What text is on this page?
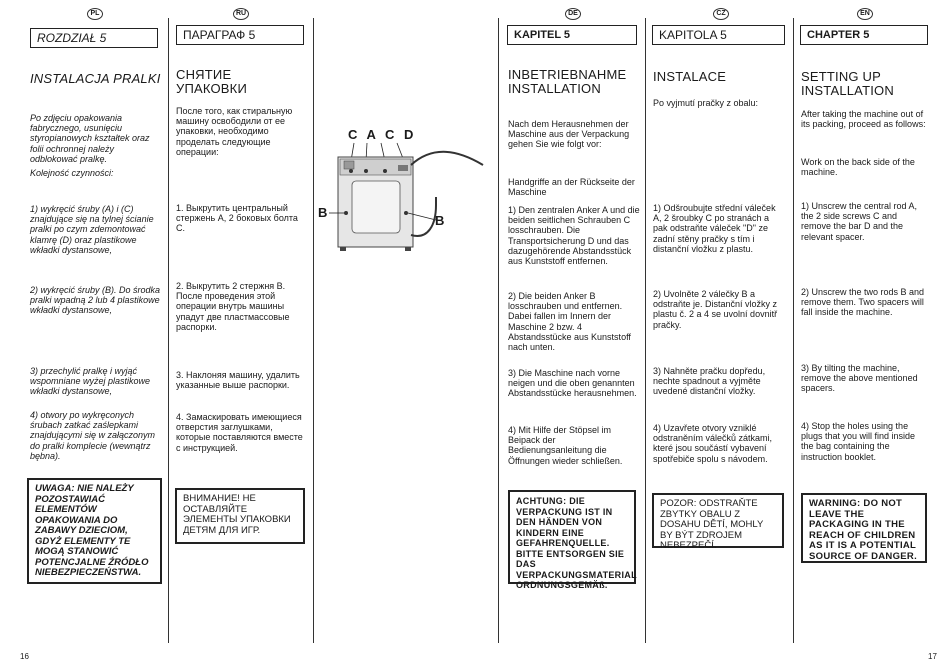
PL
ROZDZIAŁ 5
INSTALACJA PRALKI
Po zdjęciu opakowania fabrycznego, usunięciu styropianowych kształtek oraz folii ochronnej należy odblokować pralkę.
Kolejność czynności:
1) wykręcić śruby (A) i (C) znajdujące się na tylnej ścianie pralki po czym zdemontować klamrę (D) oraz plastikowe wkładki dystansowe,
2) wykręcić śruby (B). Do środka pralki wpadną 2 lub 4 plastikowe wkładki dystansowe,
3) przechylić pralkę i wyjąć wspomniane wyżej plastikowe wkładki dystansowe,
4) otwory po wykręconych śrubach zatkać zaślepkami znajdującymi się w załączonym do pralki komplecie (wewnątrz bębna).
UWAGA: NIE NALEŻY POZOSTAWIAĆ ELEMENTÓW OPAKOWANIA DO ZABAWY DZIECIOM, GDYŻ ELEMENTY TE MOGĄ STANOWIĆ POTENCJALNE ŹRÓDŁO NIEBEZPIECZEŃSTWA.
RU
ПАРАГРАФ 5
СНЯТИЕ УПАКОВКИ
После того, как стиральную машину освободили от ее упаковки, необходимо проделать следующие операции:
1. Выкрутить центральный стержень А, 2 боковых болта С.
2. Выкрутить 2 стержня В. После проведения этой операции внутрь машины упадут две пластмассовые распорки.
3. Наклоняя машину, удалить указанные выше распорки.
4. Замаскировать имеющиеся отверстия заглушками, которые поставляются вместе с инструкцией.
ВНИМАНИЕ! НЕ ОСТАВЛЯЙТЕ ЭЛЕМЕНТЫ УПАКОВКИ ДЕТЯМ ДЛЯ ИГР.
C A C D
B
B
DE
KAPITEL 5
INBETRIEBNAHME INSTALLATION
Nach dem Herausnehmen der Maschine aus der Verpackung gehen Sie wie folgt vor:
Handgriffe an der Rückseite der Maschine
1) Den zentralen Anker A und die beiden seitlichen Schrauben C losschrauben. Die Transportsicherung D und das dazugehörende Abstandsstück aus Kunststoff entfernen.
2) Die beiden Anker B losschrauben und entfernen. Dabei fallen im Innern der Maschine 2 bzw. 4 Abstandsstücke aus Kunststoff nach unten.
3) Die Maschine nach vorne neigen und die oben genannten Abstandsstücke herausnehmen.
4) Mit Hilfe der Stöpsel im Beipack der Bedienungsanleitung die Öffnungen wieder schließen.
ACHTUNG: DIE VERPACKUNG IST IN DEN HÄNDEN VON KINDERN EINE GEFAHRENQUELLE. BITTE ENTSORGEN SIE DAS VERPACKUNGSMATERIAL ORDNUNGSGEMÄß.
CZ
KAPITOLA 5
INSTALACE
Po vyjmutí pračky z obalu:
1) Odšroubujte střední váleček A, 2 šroubky C po stranách a pak odstraňte váleček "D" ze zadní stěny pračky s tím i distanční vložku z plastu.
2) Uvolněte 2 válečky B a odstraňte je. Distanční vložky z plastu č. 2 a 4 se uvolní dovnitř pračky.
3) Nahněte pračku dopředu, nechte spadnout a vyjměte uvedené distanční vložky.
4) Uzavřete otvory vzniklé odstraněním válečků zátkami, které jsou součástí vybavení spotřebiče spolu s návodem.
POZOR: ODSTRAŇTE ZBYTKY OBALU Z DOSAHU DĚTÍ, MOHLY BY BÝT ZDROJEM NEBEZPEČÍ.
EN
CHAPTER 5
SETTING UP INSTALLATION
After taking the machine out of its packing, proceed as follows:
Work on the back side of the machine.
1) Unscrew the central rod A, the 2 side screws C and remove the bar D and the relevant spacer.
2) Unscrew the two rods B and remove them. Two spacers will fall inside the machine.
3) By tilting the machine, remove the above mentioned spacers.
4) Stop the holes using the plugs that you will find inside the bag containing the instruction booklet.
WARNING: DO NOT LEAVE THE PACKAGING IN THE REACH OF CHILDREN AS IT IS A POTENTIAL SOURCE OF DANGER.
16	17
